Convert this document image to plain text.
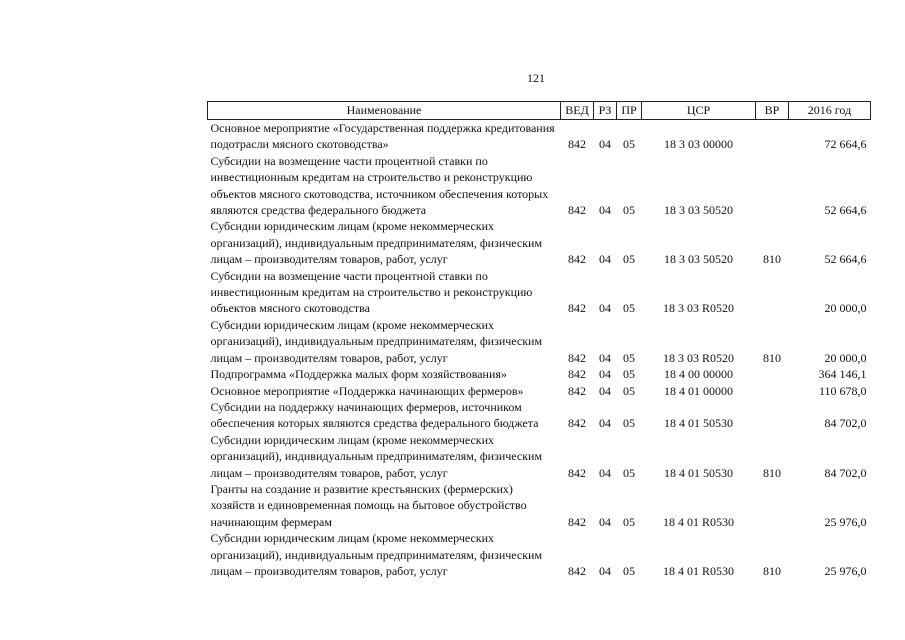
121
Наименование	ВЕД	РЗ	ПР	ЦСР	ВР	2016 год
Основное мероприятие «Государственная поддержка кредитования подотрасли мясного скотоводства»	842	04	05	18 3 03 00000		72 664,6
Субсидии на возмещение части процентной ставки по инвестиционным кредитам на строительство и реконструкцию объектов мясного скотоводства, источником обеспечения которых являются средства федерального бюджета	842	04	05	18 3 03 50520		52 664,6
Субсидии юридическим лицам (кроме некоммерческих организаций), индивидуальным предпринимателям, физическим лицам – производителям товаров, работ, услуг	842	04	05	18 3 03 50520	810	52 664,6
Субсидии на возмещение части процентной ставки по инвестиционным кредитам на строительство и реконструкцию объектов мясного скотоводства	842	04	05	18 3 03 R0520		20 000,0
Субсидии юридическим лицам (кроме некоммерческих организаций), индивидуальным предпринимателям, физическим лицам – производителям товаров, работ, услуг	842	04	05	18 3 03 R0520	810	20 000,0
Подпрограмма «Поддержка малых форм хозяйствования»	842	04	05	18 4 00 00000		364 146,1
Основное мероприятие «Поддержка начинающих фермеров»	842	04	05	18 4 01 00000		110 678,0
Субсидии на поддержку начинающих фермеров, источником обеспечения которых являются средства федерального бюджета	842	04	05	18 4 01 50530		84 702,0
Субсидии юридическим лицам (кроме некоммерческих организаций), индивидуальным предпринимателям, физическим лицам – производителям товаров, работ, услуг	842	04	05	18 4 01 50530	810	84 702,0
Гранты на создание и развитие крестьянских (фермерских) хозяйств и единовременная помощь на бытовое обустройство начинающим фермерам	842	04	05	18 4 01 R0530		25 976,0
Субсидии юридическим лицам (кроме некоммерческих организаций), индивидуальным предпринимателям, физическим лицам – производителям товаров, работ, услуг	842	04	05	18 4 01 R0530	810	25 976,0
